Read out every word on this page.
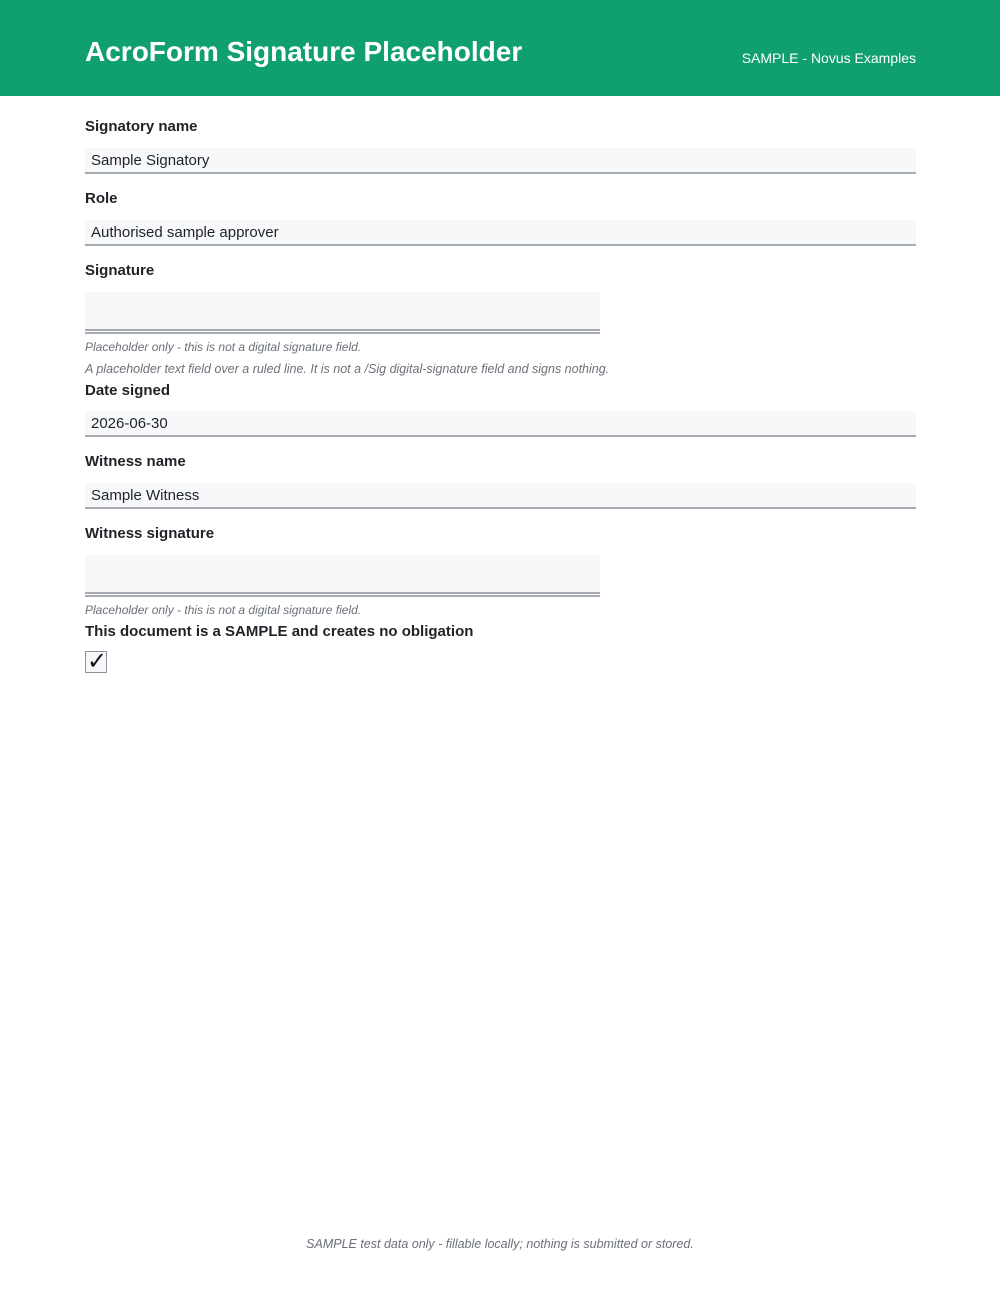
AcroForm Signature Placeholder	SAMPLE - Novus Examples
Signatory name
Sample Signatory
Role
Authorised sample approver
Signature
Placeholder only - this is not a digital signature field.
A placeholder text field over a ruled line. It is not a /Sig digital-signature field and signs nothing.
Date signed
2026-06-30
Witness name
Sample Witness
Witness signature
Placeholder only - this is not a digital signature field.
This document is a SAMPLE and creates no obligation
✓
SAMPLE test data only - fillable locally; nothing is submitted or stored.
